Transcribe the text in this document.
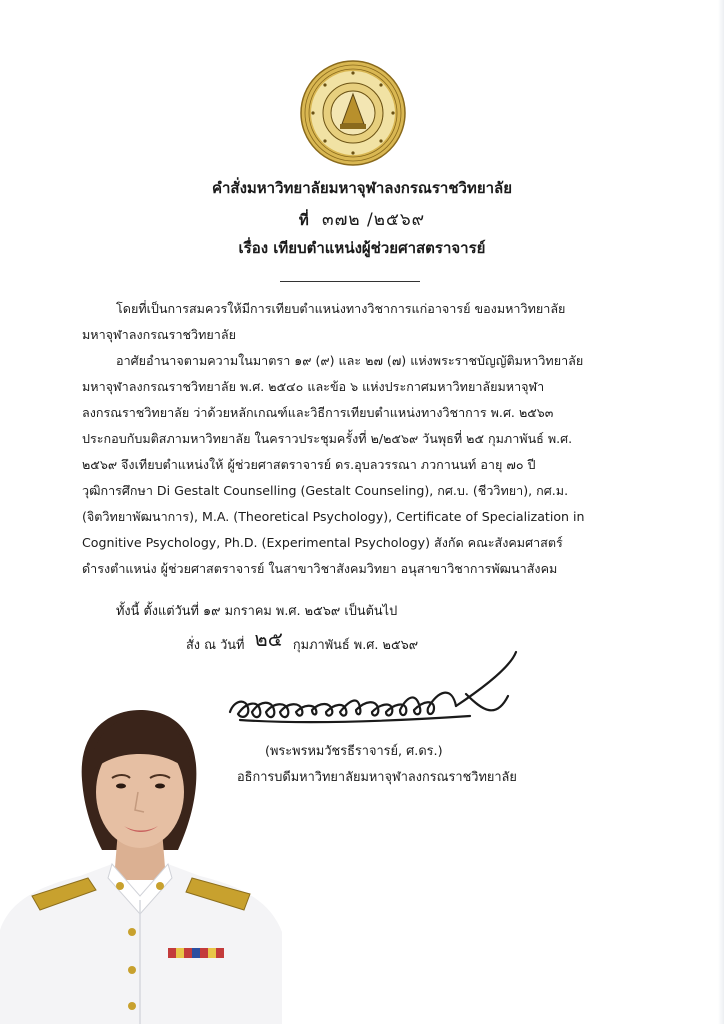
คำสั่งมหาวิทยาลัยมหาจุฬาลงกรณราชวิทยาลัย
ที่ ๓๗๒ /๒๕๖๙
เรื่อง เทียบตำแหน่งผู้ช่วยศาสตราจารย์
โดยที่เป็นการสมควรให้มีการเทียบตำแหน่งทางวิชาการแก่อาจารย์ ของมหาวิทยาลัย
มหาจุฬาลงกรณราชวิทยาลัย
อาศัยอำนาจตามความในมาตรา ๑๙ (๙) และ ๒๗ (๗) แห่งพระราชบัญญัติมหาวิทยาลัย
มหาจุฬาลงกรณราชวิทยาลัย พ.ศ. ๒๕๔๐ และข้อ ๖ แห่งประกาศมหาวิทยาลัยมหาจุฬา
ลงกรณราชวิทยาลัย ว่าด้วยหลักเกณฑ์และวิธีการเทียบตำแหน่งทางวิชาการ พ.ศ. ๒๕๖๓
ประกอบกับมติสภามหาวิทยาลัย ในคราวประชุมครั้งที่ ๒/๒๕๖๙ วันพุธที่ ๒๕ กุมภาพันธ์ พ.ศ.
๒๕๖๙ จึงเทียบตำแหน่งให้ ผู้ช่วยศาสตราจารย์ ดร.อุบลวรรณา ภวกานนท์ อายุ ๗๐ ปี
วุฒิการศึกษา Di Gestalt Counselling (Gestalt Counseling), กศ.บ. (ชีววิทยา), กศ.ม.
(จิตวิทยาพัฒนาการ), M.A. (Theoretical Psychology), Certificate of Specialization in
Cognitive Psychology, Ph.D. (Experimental Psychology) สังกัด คณะสังคมศาสตร์
ดำรงตำแหน่ง ผู้ช่วยศาสตราจารย์ ในสาขาวิชาสังคมวิทยา อนุสาขาวิชาการพัฒนาสังคม
ทั้งนี้ ตั้งแต่วันที่ ๑๙ มกราคม พ.ศ. ๒๕๖๙ เป็นต้นไป
สั่ง ณ วันที่ ๒๕ กุมภาพันธ์ พ.ศ. ๒๕๖๙
(พระพรหมวัชรธีราจารย์, ศ.ดร.)
อธิการบดีมหาวิทยาลัยมหาจุฬาลงกรณราชวิทยาลัย
